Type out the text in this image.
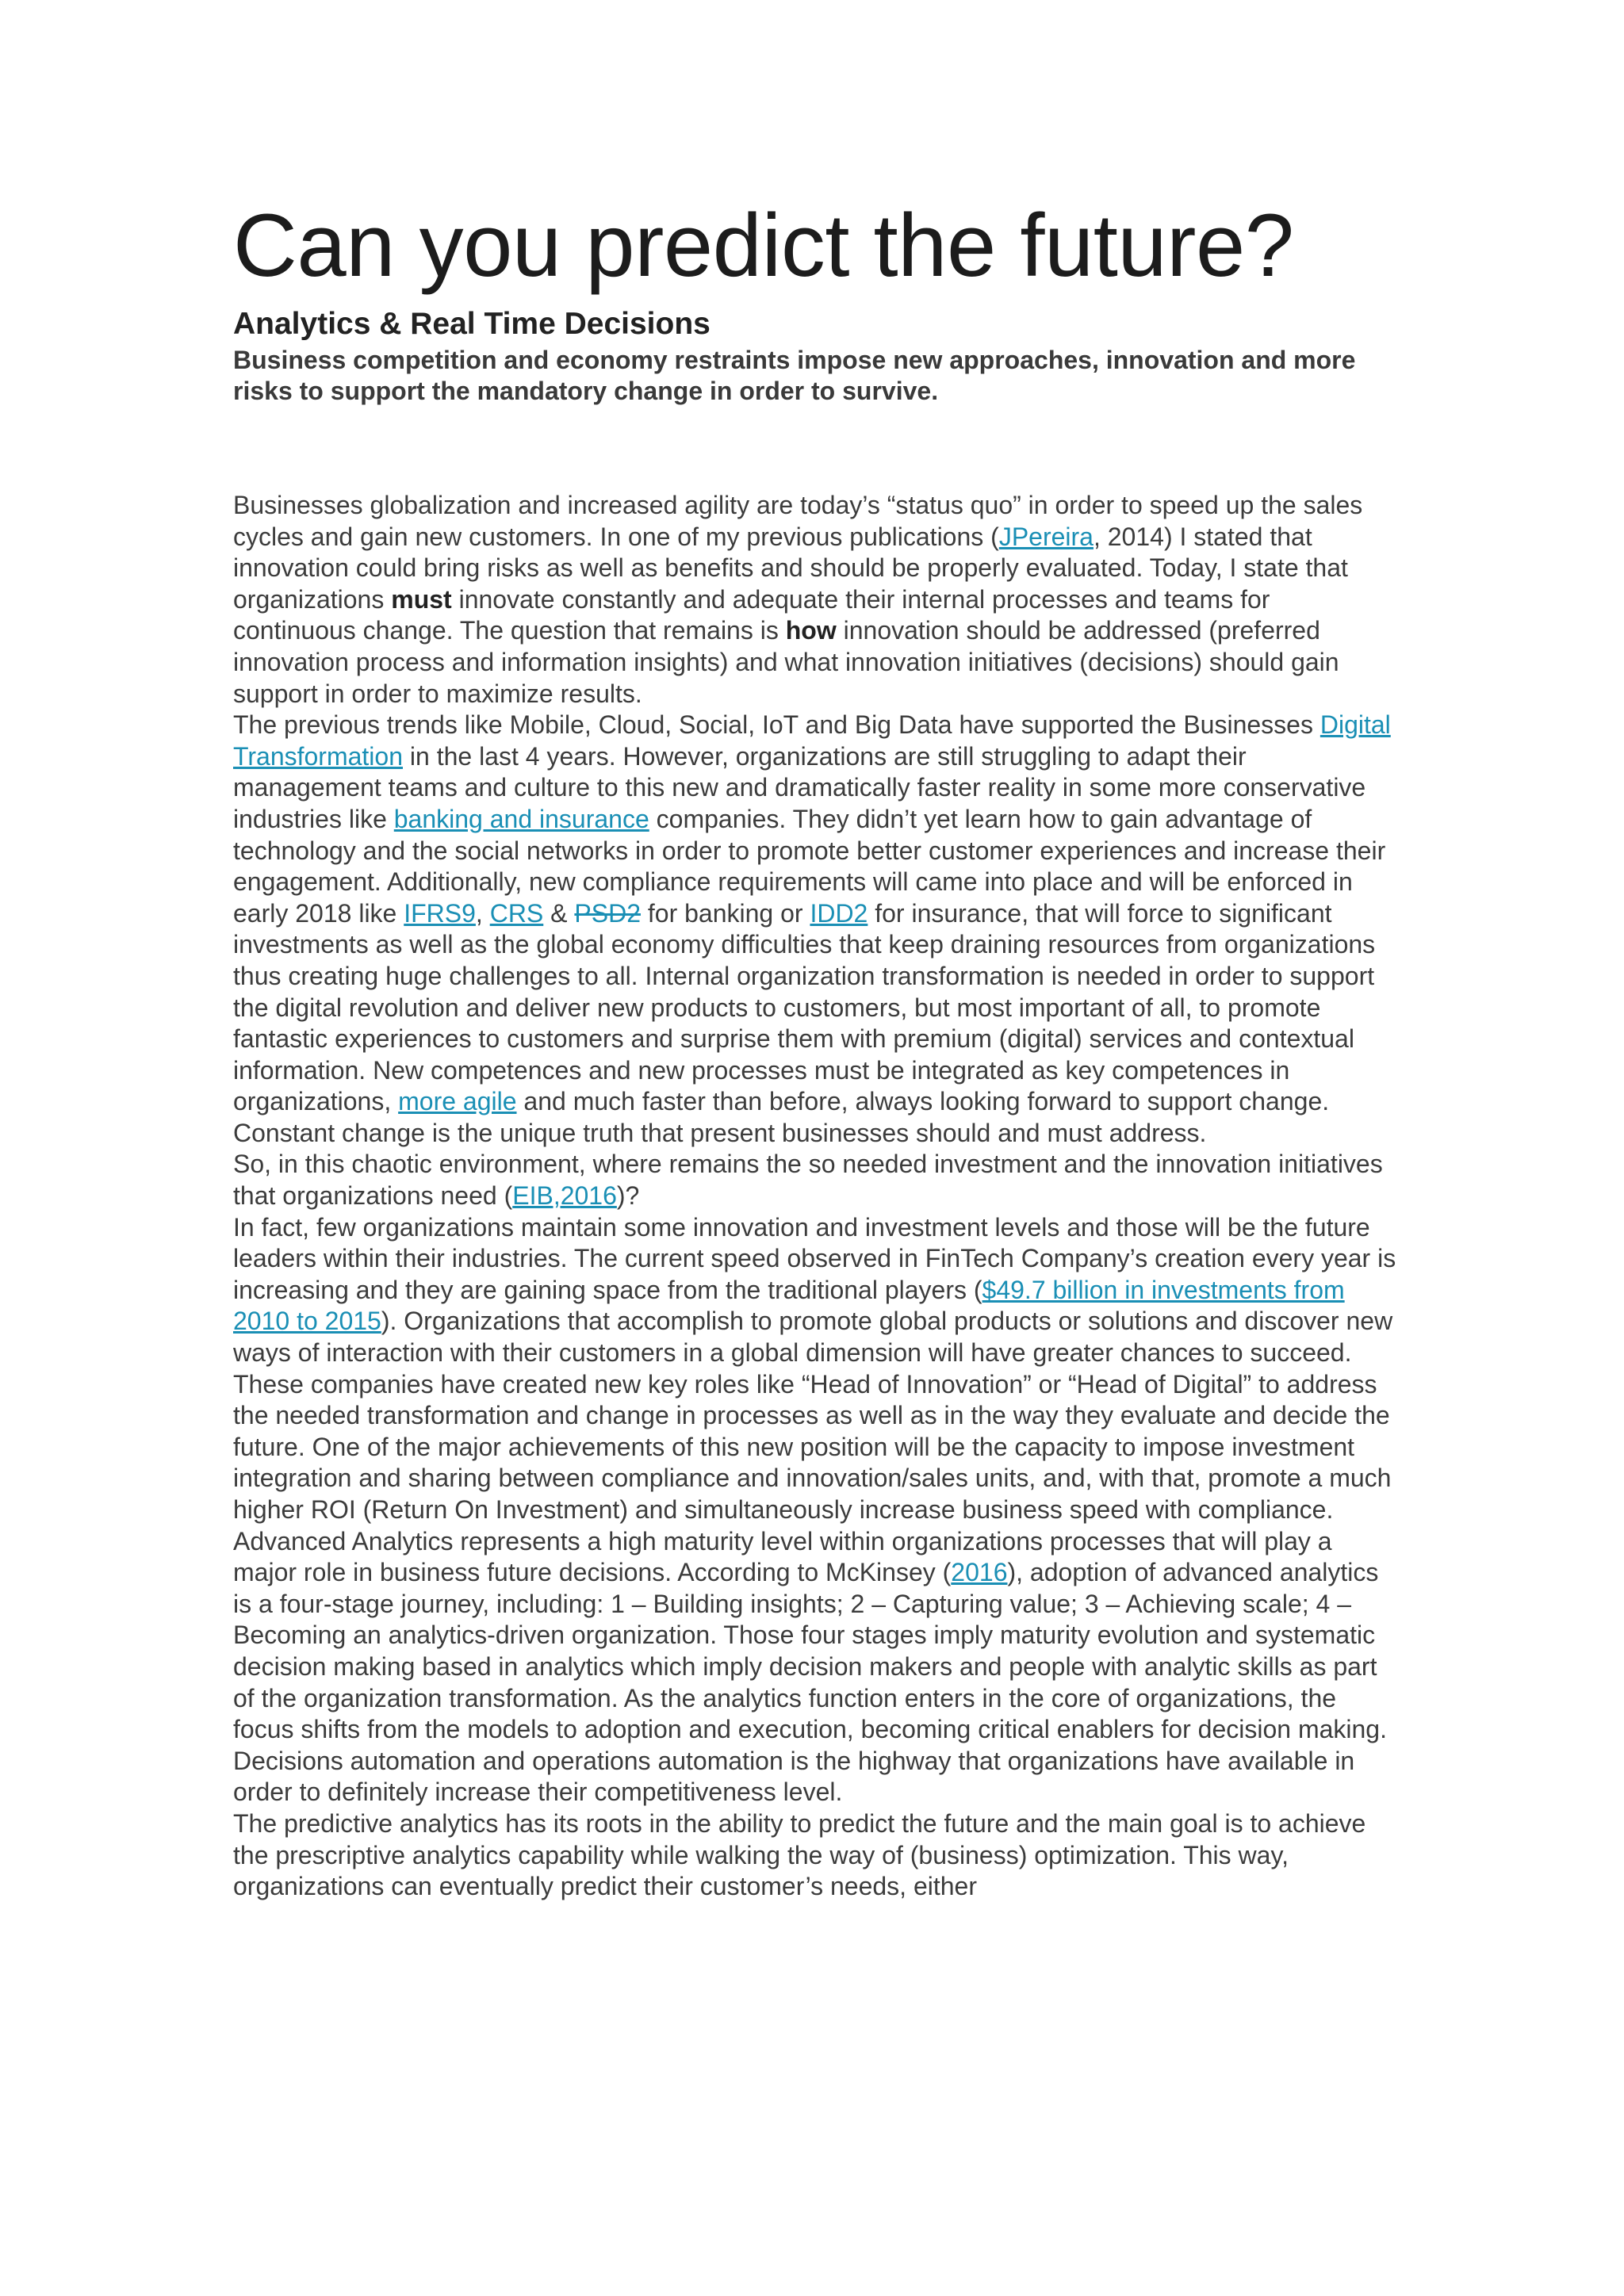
Can you predict the future?
Analytics & Real Time Decisions
Business competition and economy restraints impose new approaches, innovation and more risks to support the mandatory change in order to survive.

Businesses globalization and increased agility are today’s “status quo” in order to speed up the sales cycles and gain new customers. In one of my previous publications (JPereira, 2014) I stated that innovation could bring risks as well as benefits and should be properly evaluated. Today, I state that organizations must innovate constantly and adequate their internal processes and teams for continuous change. The question that remains is how innovation should be addressed (preferred innovation process and information insights) and what innovation initiatives (decisions) should gain support in order to maximize results.

The previous trends like Mobile, Cloud, Social, IoT and Big Data have supported the Businesses Digital Transformation in the last 4 years. However, organizations are still struggling to adapt their management teams and culture to this new and dramatically faster reality in some more conservative industries like banking and insurance companies. They didn’t yet learn how to gain advantage of technology and the social networks in order to promote better customer experiences and increase their engagement. Additionally, new compliance requirements will came into place and will be enforced in early 2018 like IFRS9, CRS & PSD2 for banking or IDD2 for insurance, that will force to significant investments as well as the global economy difficulties that keep draining resources from organizations thus creating huge challenges to all. Internal organization transformation is needed in order to support the digital revolution and deliver new products to customers, but most important of all, to promote fantastic experiences to customers and surprise them with premium (digital) services and contextual information. New competences and new processes must be integrated as key competences in organizations, more agile and much faster than before, always looking forward to support change. Constant change is the unique truth that present businesses should and must address.

So, in this chaotic environment, where remains the so needed investment and the innovation initiatives that organizations need (EIB,2016)?

In fact, few organizations maintain some innovation and investment levels and those will be the future leaders within their industries. The current speed observed in FinTech Company’s creation every year is increasing and they are gaining space from the traditional players ($49.7 billion in investments from 2010 to 2015). Organizations that accomplish to promote global products or solutions and discover new ways of interaction with their customers in a global dimension will have greater chances to succeed. These companies have created new key roles like “Head of Innovation” or “Head of Digital” to address the needed transformation and change in processes as well as in the way they evaluate and decide the future. One of the major achievements of this new position will be the capacity to impose investment integration and sharing between compliance and innovation/sales units, and, with that, promote a much higher ROI (Return On Investment) and simultaneously increase business speed with compliance.

Advanced Analytics represents a high maturity level within organizations processes that will play a major role in business future decisions. According to McKinsey (2016), adoption of advanced analytics is a four-stage journey, including: 1 – Building insights; 2 – Capturing value; 3 – Achieving scale; 4 – Becoming an analytics-driven organization. Those four stages imply maturity evolution and systematic decision making based in analytics which imply decision makers and people with analytic skills as part of the organization transformation. As the analytics function enters in the core of organizations, the focus shifts from the models to adoption and execution, becoming critical enablers for decision making. Decisions automation and operations automation is the highway that organizations have available in order to definitely increase their competitiveness level.

The predictive analytics has its roots in the ability to predict the future and the main goal is to achieve the prescriptive analytics capability while walking the way of (business) optimization. This way, organizations can eventually predict their customer’s needs, either
